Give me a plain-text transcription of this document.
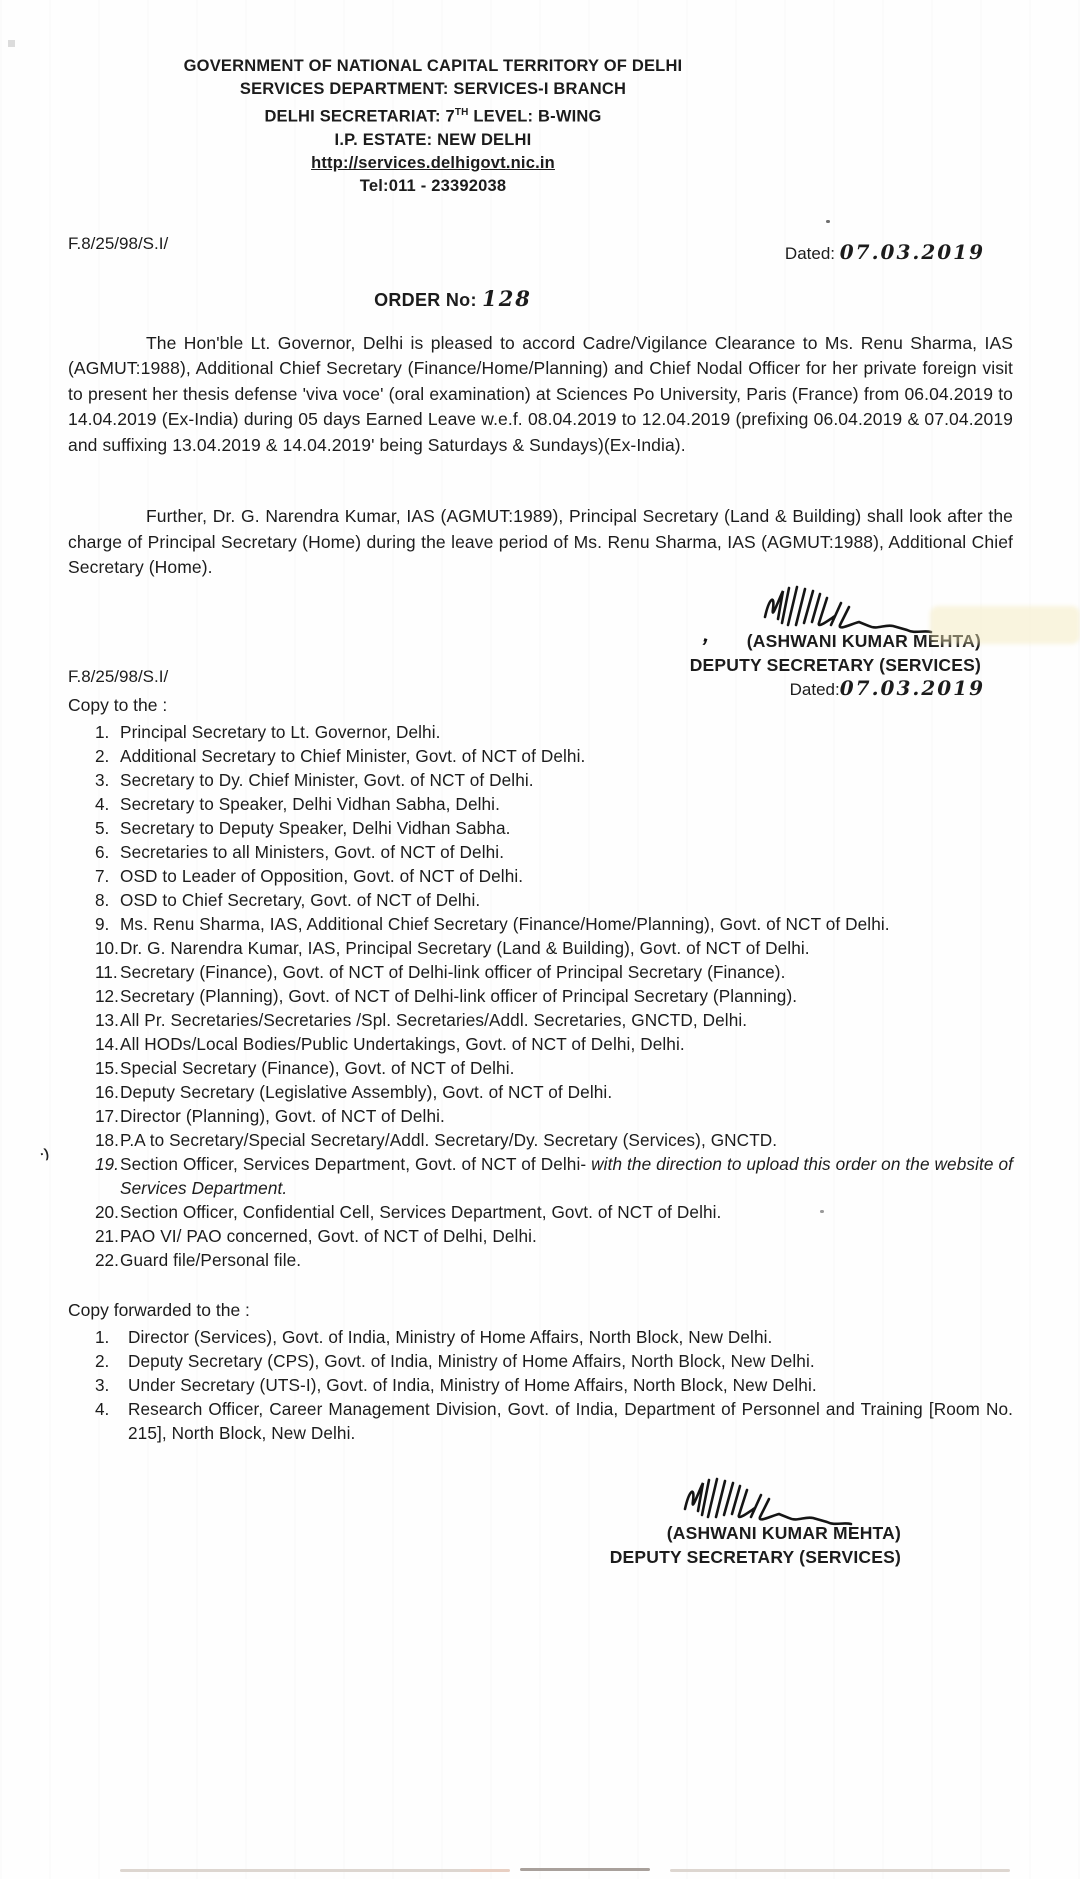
GOVERNMENT OF NATIONAL CAPITAL TERRITORY OF DELHI
SERVICES DEPARTMENT: SERVICES-I BRANCH
DELHI SECRETARIAT: 7TH LEVEL: B-WING
I.P. ESTATE: NEW DELHI
http://services.delhigovt.nic.in
Tel:011 - 23392038
F.8/25/98/S.I/
Dated: 07.03.2019
ORDER No: 128
The Hon'ble Lt. Governor, Delhi is pleased to accord Cadre/Vigilance Clearance to Ms. Renu Sharma, IAS (AGMUT:1988), Additional Chief Secretary (Finance/Home/Planning) and Chief Nodal Officer for her private foreign visit to present her thesis defense 'viva voce' (oral examination) at Sciences Po University, Paris (France) from 06.04.2019 to 14.04.2019 (Ex-India) during 05 days Earned Leave w.e.f. 08.04.2019 to 12.04.2019 (prefixing 06.04.2019 & 07.04.2019 and suffixing 13.04.2019 & 14.04.2019' being Saturdays & Sundays)(Ex-India).
Further, Dr. G. Narendra Kumar, IAS (AGMUT:1989), Principal Secretary (Land & Building) shall look after the charge of Principal Secretary (Home) during the leave period of Ms. Renu Sharma, IAS (AGMUT:1988), Additional Chief Secretary (Home).
(ASHWANI KUMAR MEHTA)
DEPUTY SECRETARY (SERVICES)
F.8/25/98/S.I/
Dated:07.03.2019
Copy to the :
1. Principal Secretary to Lt. Governor, Delhi.
2. Additional Secretary to Chief Minister, Govt. of NCT of Delhi.
3. Secretary to Dy. Chief Minister, Govt. of NCT of Delhi.
4. Secretary to Speaker, Delhi Vidhan Sabha, Delhi.
5. Secretary to Deputy Speaker, Delhi Vidhan Sabha.
6. Secretaries to all Ministers, Govt. of NCT of Delhi.
7. OSD to Leader of Opposition, Govt. of NCT of Delhi.
8. OSD to Chief Secretary, Govt. of NCT of Delhi.
9. Ms. Renu Sharma, IAS, Additional Chief Secretary (Finance/Home/Planning), Govt. of NCT of Delhi.
10. Dr. G. Narendra Kumar, IAS, Principal Secretary (Land & Building), Govt. of NCT of Delhi.
11. Secretary (Finance), Govt. of NCT of Delhi-link officer of Principal Secretary (Finance).
12. Secretary (Planning), Govt. of NCT of Delhi-link officer of Principal Secretary (Planning).
13. All Pr. Secretaries/Secretaries /Spl. Secretaries/Addl. Secretaries, GNCTD, Delhi.
14. All HODs/Local Bodies/Public Undertakings, Govt. of NCT of Delhi, Delhi.
15. Special Secretary (Finance), Govt. of NCT of Delhi.
16. Deputy Secretary (Legislative Assembly), Govt. of NCT of Delhi.
17. Director (Planning), Govt. of NCT of Delhi.
18. P.A to Secretary/Special Secretary/Addl. Secretary/Dy. Secretary (Services), GNCTD.
19. Section Officer, Services Department, Govt. of NCT of Delhi- with the direction to upload this order on the website of Services Department.
20. Section Officer, Confidential Cell, Services Department, Govt. of NCT of Delhi.
21. PAO VI/ PAO concerned, Govt. of NCT of Delhi, Delhi.
22. Guard file/Personal file.
Copy forwarded to the :
1.	Director (Services), Govt. of India, Ministry of Home Affairs, North Block, New Delhi.
2.	Deputy Secretary (CPS), Govt. of India, Ministry of Home Affairs, North Block, New Delhi.
3.	Under Secretary (UTS-I), Govt. of India, Ministry of Home Affairs, North Block, New Delhi.
4.	Research Officer, Career Management Division, Govt. of India, Department of Personnel and Training [Room No. 215], North Block, New Delhi.
(ASHWANI KUMAR MEHTA)
DEPUTY SECRETARY (SERVICES)
,
·)
